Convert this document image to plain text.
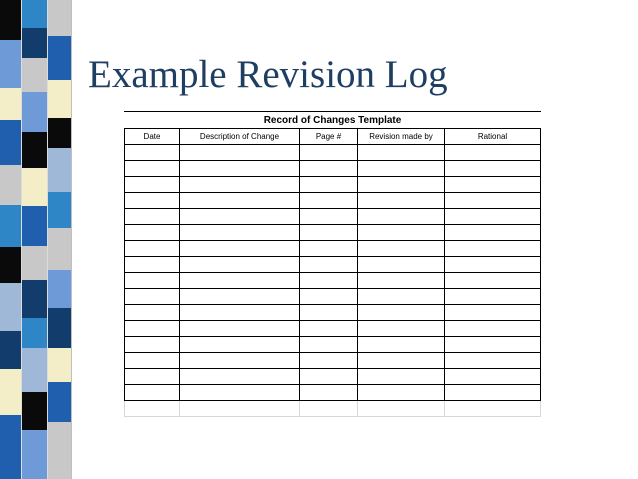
Example Revision Log
Record of Changes Template				
Date	Description of Change	Page #	Revision made by	Rational
